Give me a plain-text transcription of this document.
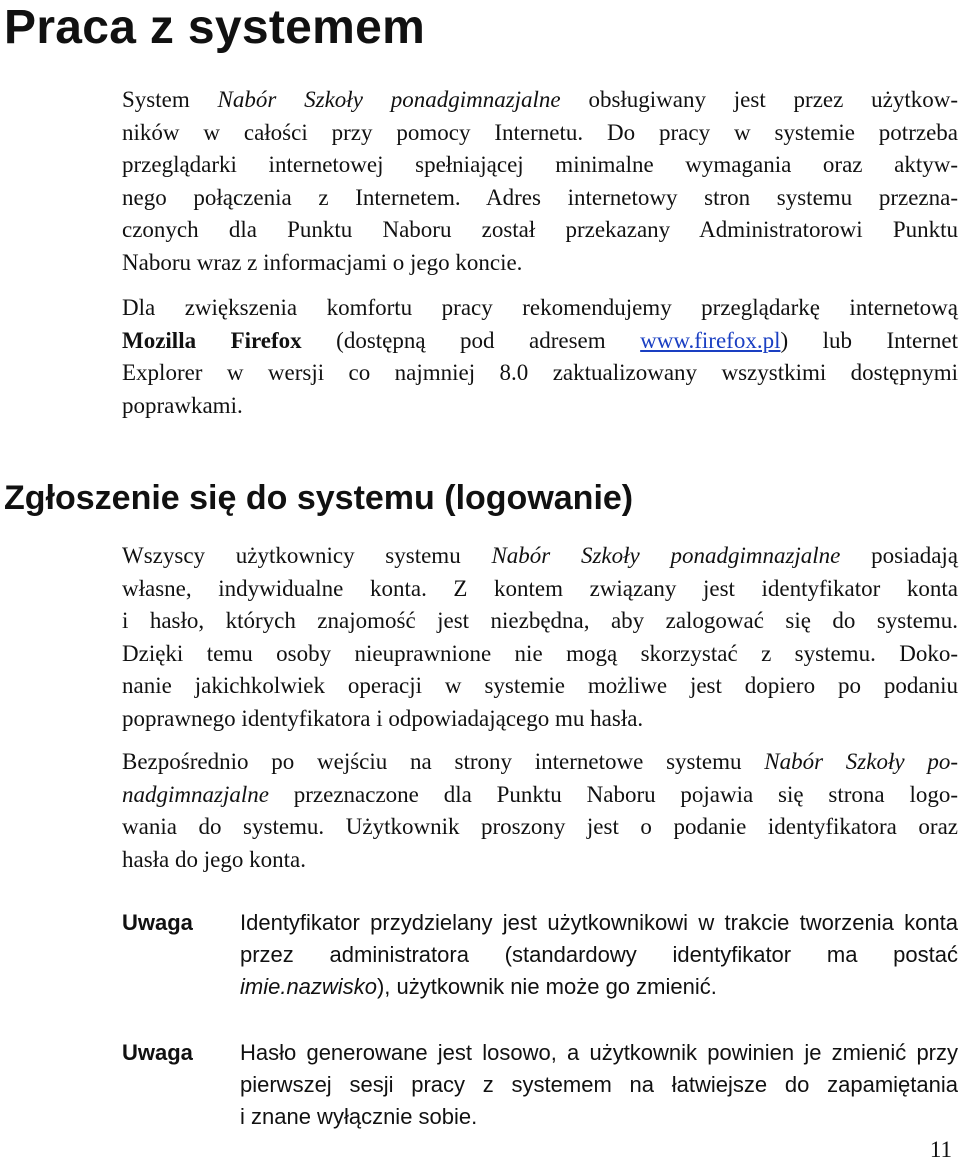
Praca z systemem
System Nabór Szkoły ponadgimnazjalne obsługiwany jest przez użytkow-
ników w całości przy pomocy Internetu. Do pracy w systemie potrzeba
przeglądarki internetowej spełniającej minimalne wymagania oraz aktyw-
nego połączenia z Internetem. Adres internetowy stron systemu przezna-
czonych dla Punktu Naboru został przekazany Administratorowi Punktu
Naboru wraz z informacjami o jego koncie.
Dla zwiększenia komfortu pracy rekomendujemy przeglądarkę internetową
Mozilla Firefox (dostępną pod adresem www.firefox.pl) lub Internet
Explorer w wersji co najmniej 8.0 zaktualizowany wszystkimi dostępnymi
poprawkami.
Zgłoszenie się do systemu (logowanie)
Wszyscy użytkownicy systemu Nabór Szkoły ponadgimnazjalne posiadają
własne, indywidualne konta. Z kontem związany jest identyfikator konta
i hasło, których znajomość jest niezbędna, aby zalogować się do systemu.
Dzięki temu osoby nieuprawnione nie mogą skorzystać z systemu. Doko-
nanie jakichkolwiek operacji w systemie możliwe jest dopiero po podaniu
poprawnego identyfikatora i odpowiadającego mu hasła.
Bezpośrednio po wejściu na strony internetowe systemu Nabór Szkoły po-
nadgimnazjalne przeznaczone dla Punktu Naboru pojawia się strona logo-
wania do systemu. Użytkownik proszony jest o podanie identyfikatora oraz
hasła do jego konta.
Uwaga Identyfikator przydzielany jest użytkownikowi w trakcie tworzenia konta
przez administratora (standardowy identyfikator ma postać
imie.nazwisko), użytkownik nie może go zmienić.
Uwaga Hasło generowane jest losowo, a użytkownik powinien je zmienić przy
pierwszej sesji pracy z systemem na łatwiejsze do zapamiętania
i znane wyłącznie sobie.
11
